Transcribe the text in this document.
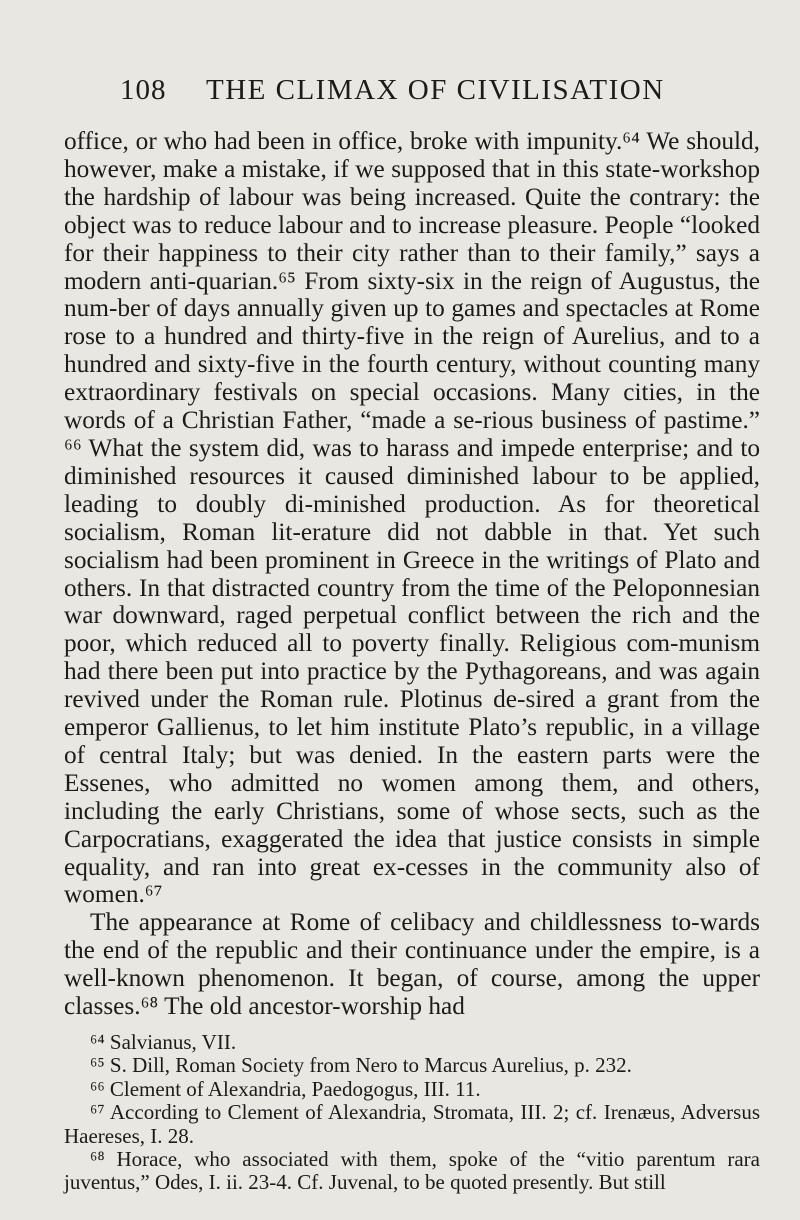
108	THE CLIMAX OF CIVILISATION

office, or who had been in office, broke with impunity.⁶⁴ We should, however, make a mistake, if we supposed that in this state-workshop the hardship of labour was being increased. Quite the contrary: the object was to reduce labour and to increase pleasure. People “looked for their happiness to their city rather than to their family,” says a modern anti-quarian.⁶⁵ From sixty-six in the reign of Augustus, the num-ber of days annually given up to games and spectacles at Rome rose to a hundred and thirty-five in the reign of Aurelius, and to a hundred and sixty-five in the fourth century, without counting many extraordinary festivals on special occasions. Many cities, in the words of a Christian Father, “made a se-rious business of pastime.” ⁶⁶ What the system did, was to harass and impede enterprise; and to diminished resources it caused diminished labour to be applied, leading to doubly di-minished production. As for theoretical socialism, Roman lit-erature did not dabble in that. Yet such socialism had been prominent in Greece in the writings of Plato and others. In that distracted country from the time of the Peloponnesian war downward, raged perpetual conflict between the rich and the poor, which reduced all to poverty finally. Religious com-munism had there been put into practice by the Pythagoreans, and was again revived under the Roman rule. Plotinus de-sired a grant from the emperor Gallienus, to let him institute Plato’s republic, in a village of central Italy; but was denied. In the eastern parts were the Essenes, who admitted no women among them, and others, including the early Christians, some of whose sects, such as the Carpocratians, exaggerated the idea that justice consists in simple equality, and ran into great ex-cesses in the community also of women.⁶⁷

The appearance at Rome of celibacy and childlessness to-wards the end of the republic and their continuance under the empire, is a well-known phenomenon. It began, of course, among the upper classes.⁶⁸ The old ancestor-worship had

⁶⁴ Salvianus, VII.

⁶⁵ S. Dill, Roman Society from Nero to Marcus Aurelius, p. 232.

⁶⁶ Clement of Alexandria, Paedogogus, III. 11.

⁶⁷ According to Clement of Alexandria, Stromata, III. 2; cf. Irenæus, Adversus Haereses, I. 28.

⁶⁸ Horace, who associated with them, spoke of the “vitio parentum rara juventus,” Odes, I. ii. 23-4. Cf. Juvenal, to be quoted presently. But still
